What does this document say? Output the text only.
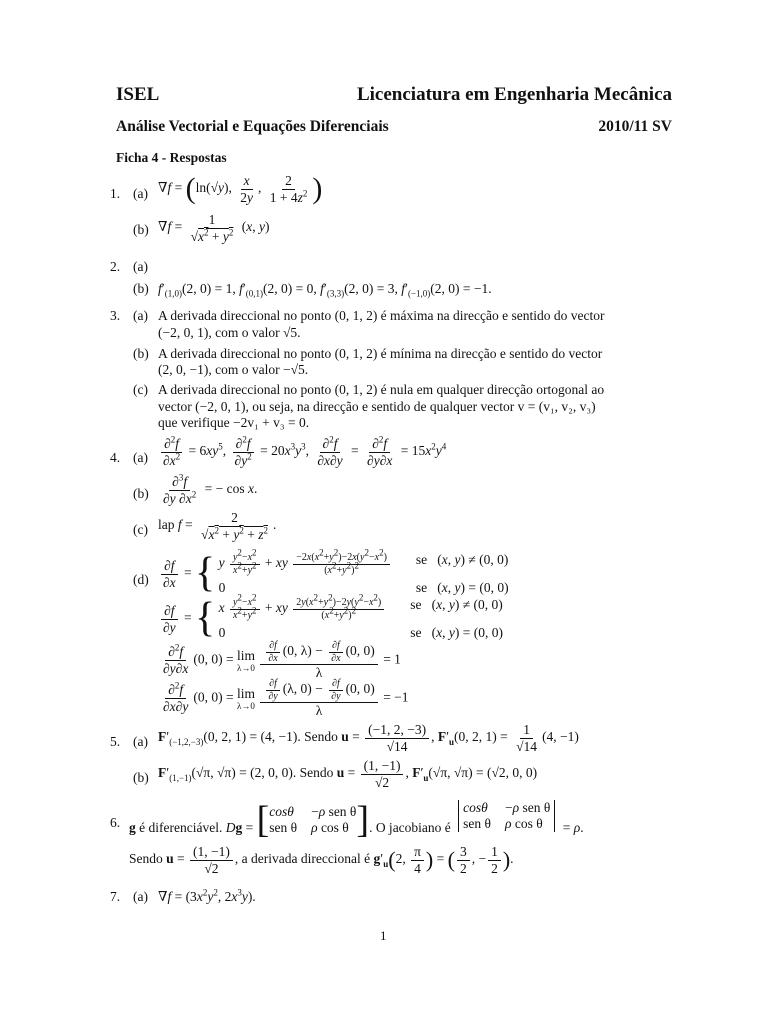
ISEL	Licenciatura em Engenharia Mecânica
Análise Vectorial e Equações Diferenciais	2010/11 SV
Ficha 4 - Respostas
1. (a) ∇f = (ln(√y), $\frac{x}{2y}$ , $\frac{2}{1 + 4z^2}$ )
(b) $\nabla f = \frac{1}{√x^2 + y^2} (x$, y)
2. (a)
(b) $f'_{(1,0)}(2$, 0) = 1, $f'_{(0,1)}(2$, 0) = 0, $f'_{(3,3)}(2$, 0) = 3, $f'_{(-1,0)}(2$, 0) = −1.
3. (a) A derivada direccional no ponto (0, 1, 2) é máxima na direcção e sentido do vector
(−2, 0, 1), com o valor √5.
(b) A derivada direccional no ponto (0, 1, 2) é mínima na direcção e sentido do vector
(2, 0, −1), com o valor −√5.
(c) A derivada direccional no ponto (0, 1, 2) é nula em qualquer direcção ortogonal ao
vector (−2, 0, 1), ou seja, na direcção e sentido de qualquer vector v = (v₁, v₂, v₃)
que verifique −2v₁ + v₃ = 0.
4. $(a) \frac{\partial^2f}{\partial x^2} = 6xy^5$, $\frac{\partial^2f}{\partial y^2} = 20x^3y^3$, $\frac{\partial^2f}{\partial x\partial y} = \frac{\partial^2f}{\partial y\partial x} = 15x^2y^4$
$(b) \frac{\partial^3f}{\partial y \partial x^2}$ = − cos x.
(c) lap $f = \frac{2}{√x^2 + y^2 + z^2}$ .
$(d) \frac{\partial f}{\partial x}$ = { y $\frac{y^2-x^2}{x^2+y^2}$ + xy $\frac{-2x(x^2+y^2)-2x(y^2-x^2)}{(x^2+y^2)^2}$ se   (x, y) ≠ (0, 0)
0	se   (x, y) = (0, 0)
$\frac{\partial f}{\partial y}$ = { x $\frac{y^2-x^2}{x^2+y^2}$ + xy $\frac{2y(x^2+y^2)-2y(y^2-x^2)}{(x^2+y^2)^2}$ se   (x, y) ≠ (0, 0)
0	se   (x, y) = (0, 0)
$\frac{\partial^2f}{\partial y\partial x} (0$, 0) = lim
λ→0
$\frac{\frac{\partial f}{\partial x} (0, \lambda) - \frac{\partial f}{\partial x} (0, 0)}{\lambda} = 1$
$\frac{\partial^2f}{\partial x\partial y} (0$, 0) = lim
λ→0
$\frac{\frac{\partial f}{\partial y} (\lambda, 0) - \frac{\partial f}{\partial y} (0, 0)}{\lambda} = -1$
5. (a) $F'_{(-1,2,-3)}(0$, 2, 1) = (4, −1). Sendo $u = \frac{(-1, 2, -3)}{√14}$ , $F'_u(0$, 2, $1) = \frac{1}{√14} (4$, −1)
(b) $F'_{(1,-1)}(√\pi$, √π) = (2, 0, 0). Sendo $u = \frac{(1, -1)}{√2}$ , $F'_u(√\pi$, √π) = (√2, 0, 0)
6. g é diferenciável. Dg = [ cosθ −ρ sen θ
sen θ ρ cos θ ] . O jacobiano é
cosθ −ρ sen θ
sen θ ρ cos θ	= ρ.
Sendo $u = \frac{(1, -1)}{√2}$ , a derivada direccional é $g'_u(2$, $\frac{\pi}{4}$ ) = ( $\frac{3}{2}$ , − $\frac{1}{2}$ ).
7. (a) $\nabla f = (3x^2y^2$, $2x^3y$).
1
